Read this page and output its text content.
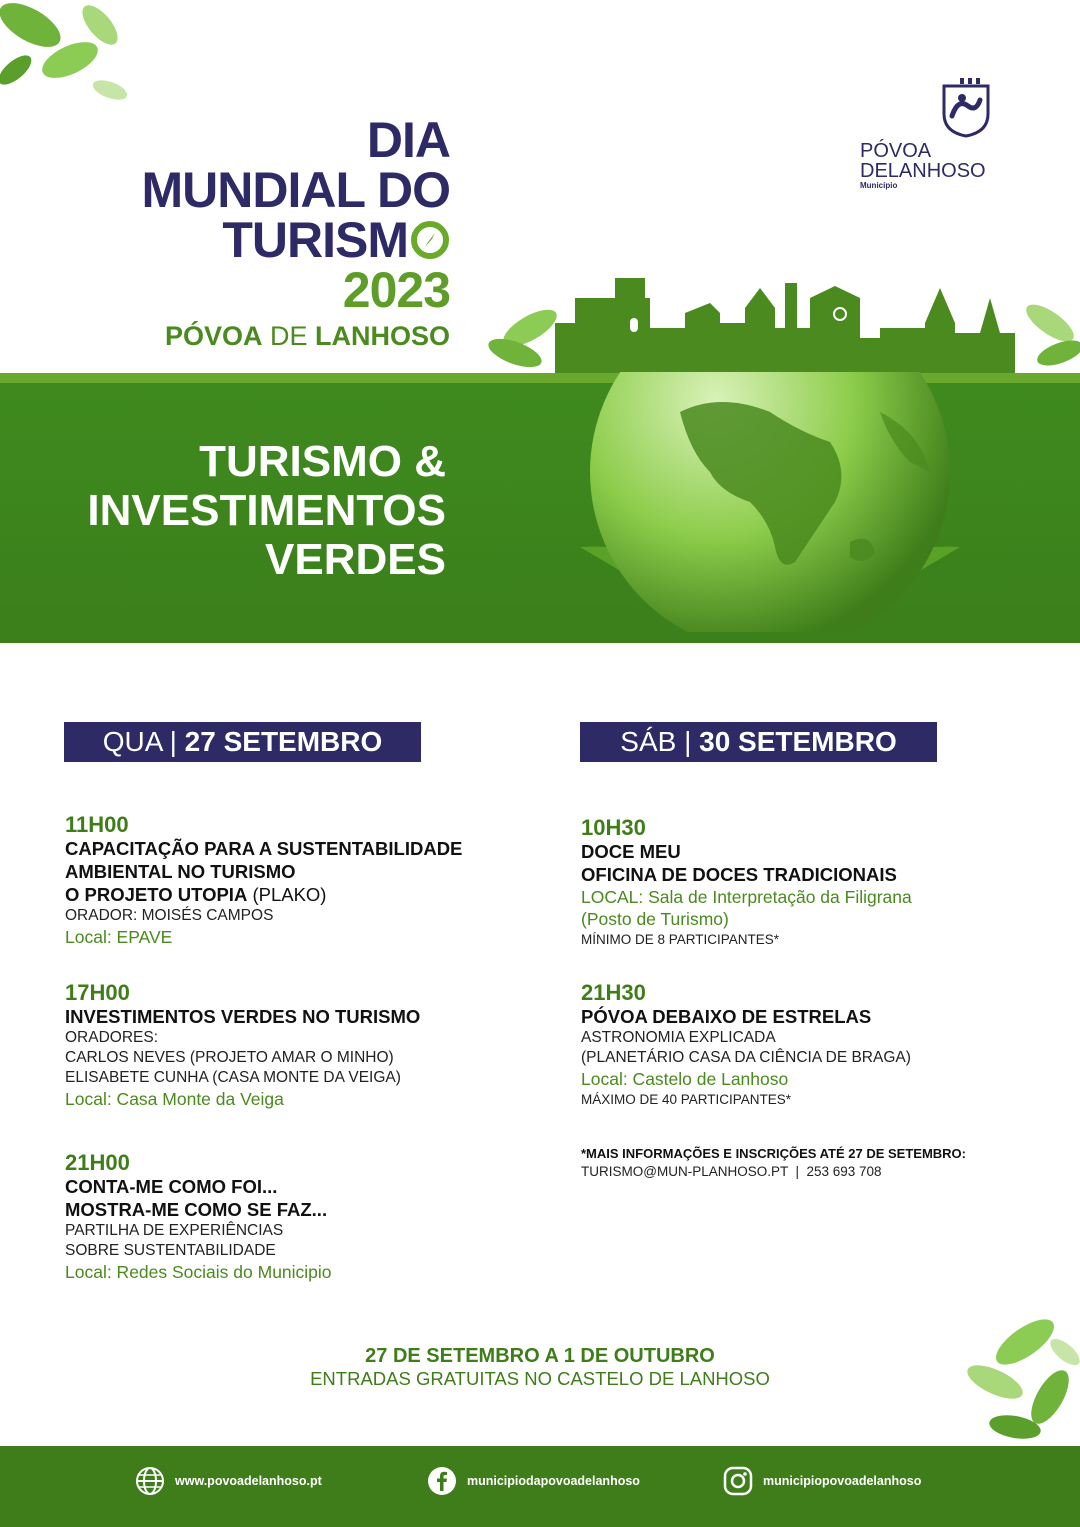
DIA
MUNDIAL DO
TURISM
2023
PÓVOA DE LANHOSO
PÓVOA
DELANHOSO
Município
TURISMO &
INVESTIMENTOS
VERDES
QUA | 27 SETEMBRO	SÁB | 30 SETEMBRO
11H00
CAPACITAÇÃO PARA A SUSTENTABILIDADE
AMBIENTAL NO TURISMO
O PROJETO UTOPIA (PLAKO)
ORADOR: MOISÉS CAMPOS
Local: EPAVE
17H00
INVESTIMENTOS VERDES NO TURISMO
ORADORES:
CARLOS NEVES (PROJETO AMAR O MINHO)
ELISABETE CUNHA (CASA MONTE DA VEIGA)
Local: Casa Monte da Veiga
21H00
CONTA-ME COMO FOI...
MOSTRA-ME COMO SE FAZ...
PARTILHA DE EXPERIÊNCIAS
SOBRE SUSTENTABILIDADE
Local: Redes Sociais do Municipio
10H30
DOCE MEU
OFICINA DE DOCES TRADICIONAIS
LOCAL: Sala de Interpretação da Filigrana
(Posto de Turismo)
MÍNIMO DE 8 PARTICIPANTES*
21H30
PÓVOA DEBAIXO DE ESTRELAS
ASTRONOMIA EXPLICADA
(PLANETÁRIO CASA DA CIÊNCIA DE BRAGA)
Local: Castelo de Lanhoso
MÁXIMO DE 40 PARTICIPANTES*
*MAIS INFORMAÇÕES E INSCRIÇÕES ATÉ 27 DE SETEMBRO:
TURISMO@MUN-PLANHOSO.PT  |  253 693 708
27 DE SETEMBRO A 1 DE OUTUBRO
ENTRADAS GRATUITAS NO CASTELO DE LANHOSO
www.povoadelanhoso.pt	municipiodapovoadelanhoso	municipiopovoadelanhoso
